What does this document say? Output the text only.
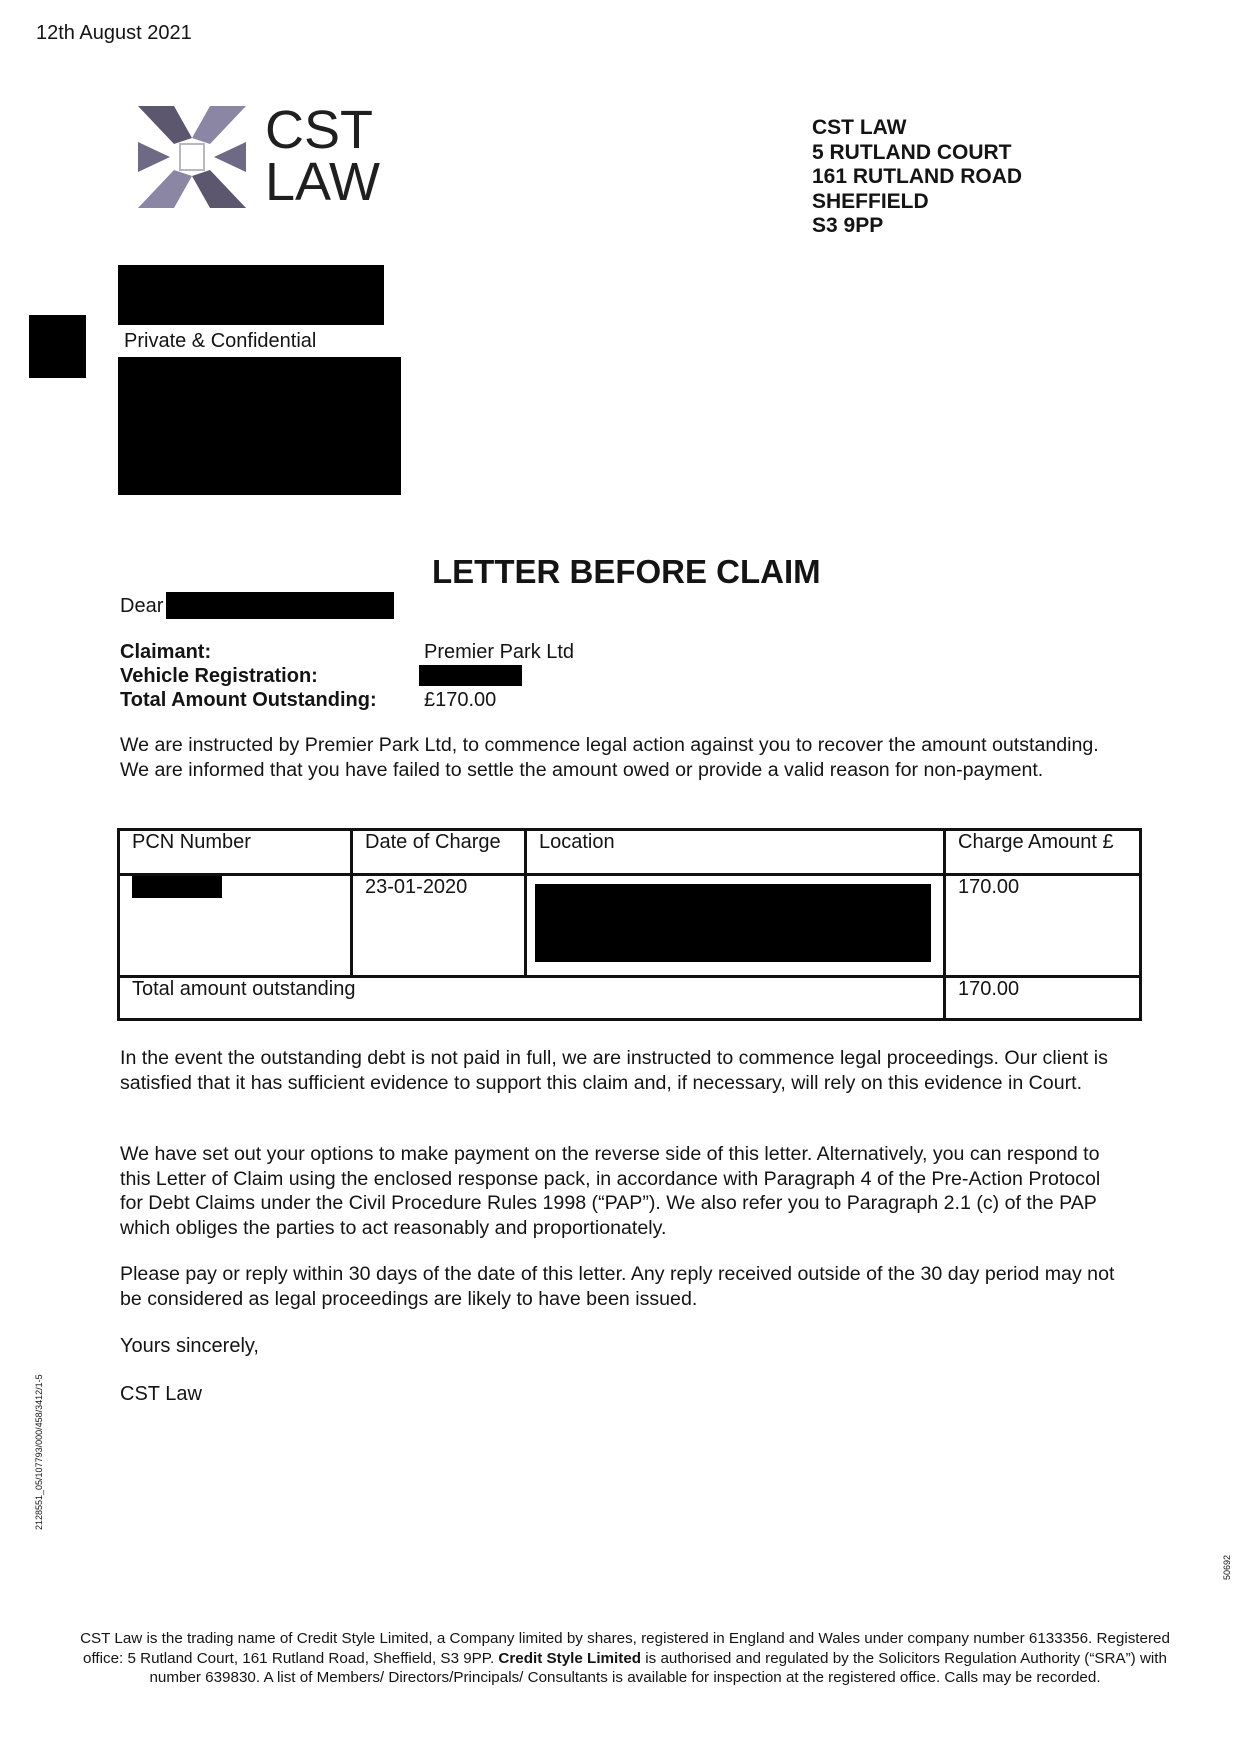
12th August 2021
CST
LAW
CST LAW
5 RUTLAND COURT
161 RUTLAND ROAD
SHEFFIELD
S3 9PP
Private & Confidential
LETTER BEFORE CLAIM
Dear
Claimant:	Premier Park Ltd
Vehicle Registration:
Total Amount Outstanding: £170.00
We are instructed by Premier Park Ltd, to commence legal action against you to recover the amount outstanding. We are informed that you have failed to settle the amount owed or provide a valid reason for non-payment.
PCN Number	Date of Charge	Location	Charge Amount £
	23-01-2020		170.00
Total amount outstanding			170.00
In the event the outstanding debt is not paid in full, we are instructed to commence legal proceedings. Our client is satisfied that it has sufficient evidence to support this claim and, if necessary, will rely on this evidence in Court.
We have set out your options to make payment on the reverse side of this letter. Alternatively, you can respond to this Letter of Claim using the enclosed response pack, in accordance with Paragraph 4 of the Pre-Action Protocol for Debt Claims under the Civil Procedure Rules 1998 (“PAP”). We also refer you to Paragraph 2.1 (c) of the PAP which obliges the parties to act reasonably and proportionately.
Please pay or reply within 30 days of the date of this letter. Any reply received outside of the 30 day period may not be considered as legal proceedings are likely to have been issued.
Yours sincerely,
CST Law
2128551_05/107793/000/458/3412/1-5
50692
CST Law is the trading name of Credit Style Limited, a Company limited by shares, registered in England and Wales under company number 6133356. Registered office: 5 Rutland Court, 161 Rutland Road, Sheffield, S3 9PP. Credit Style Limited is authorised and regulated by the Solicitors Regulation Authority (“SRA”) with number 639830. A list of Members/ Directors/Principals/ Consultants is available for inspection at the registered office. Calls may be recorded.
